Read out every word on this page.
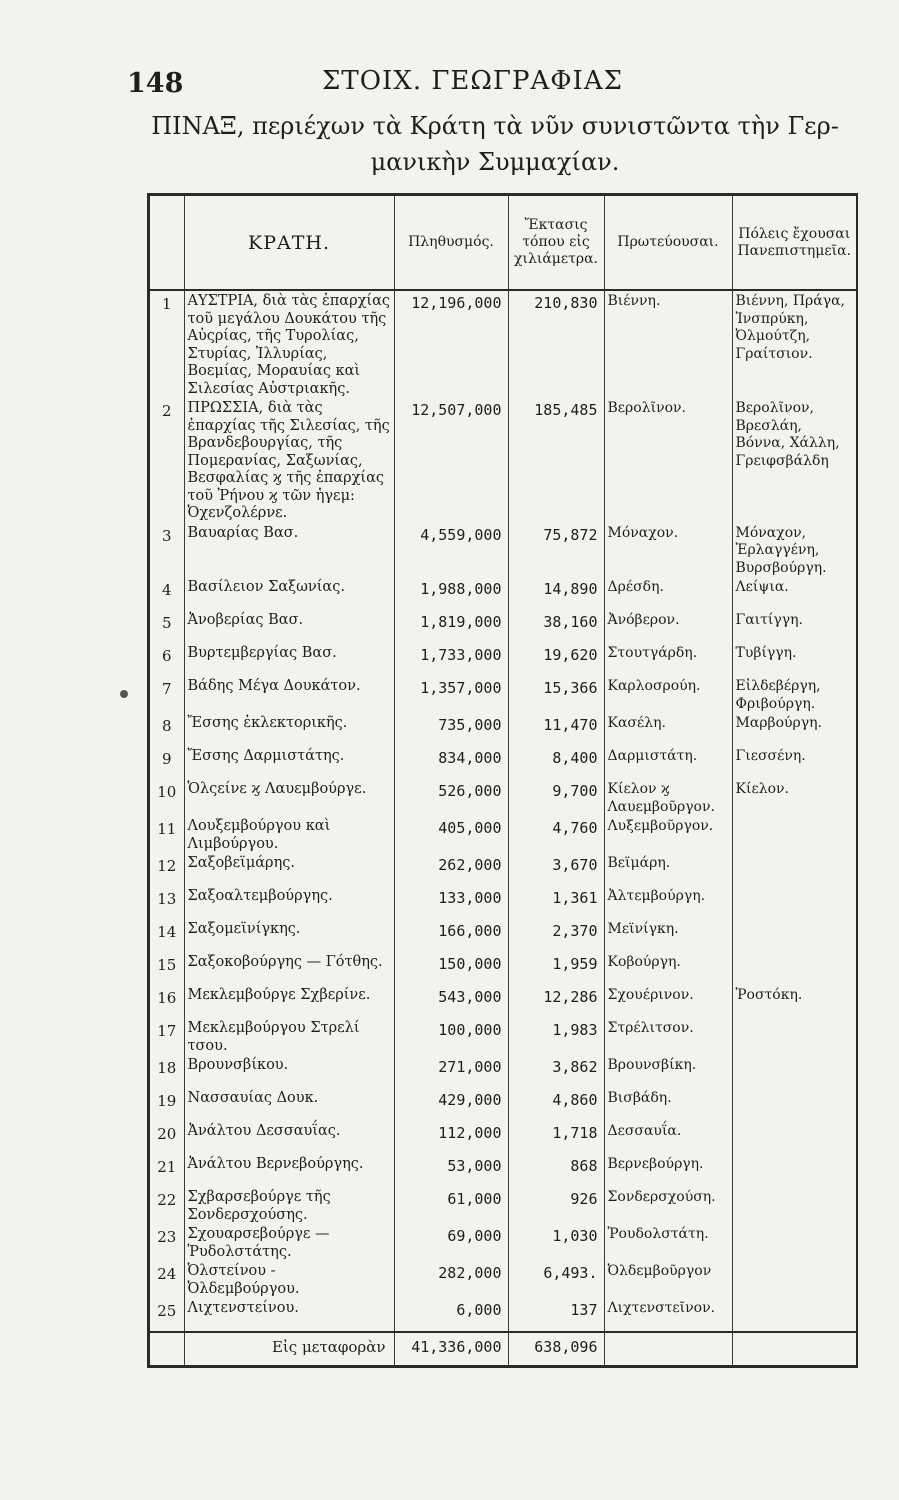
148	ΣΤΟΙΧ. ΓΕΩΓΡΑΦΙΑΣ
ΠΙΝΑΞ, περιέχων τὰ Κράτη τὰ νῦν συνιστῶντα τὴν Γερ-
μανικὴν Συμμαχίαν.
	ΚΡΑΤΗ.	Πληθυσμός.	Ἔκτασις τόπου εἰς χιλιάμετρα.	Πρωτεύουσαι.	Πόλεις ἔχουσαι Πανεπιστημεῖα.
1	ΑΥΣΤΡΙΑ, διὰ τὰς ἐπαρχίας τοῦ μεγάλου Δουκάτου τῆς Αὐςρίας, τῆς Τυρολίας, Στυρίας, Ἰλλυρίας, Βοεμίας, Μοραυίας καὶ Σιλεσίας Αὐστριακῆς.	12,196,000	210,830	Βιέννη.	Βιέννη, Πράγα, Ἰνσπρύκη, Ὀλμούτζη, Γραίτσιον.
2	ΠΡΩΣΣΙΑ, διὰ τὰς ἐπαρχίας τῆς Σιλεσίας, τῆς Βρανδεβουργίας, τῆς Πομερανίας, Σαξωνίας, Βεσφαλίας ϗ τῆς ἐπαρχίας τοῦ Ῥήνου ϗ τῶν ἡγεμ: Ὀχενζολέρνε.	12,507,000	185,485	Βερολῖνον.	Βερολῖνον, Βρεσλάη, Βόννα, Χάλλη, Γρειφσβάλδη
3	Βαυαρίας Βασ.	4,559,000	75,872	Μόναχον.	Μόναχον, Ἐρλαγγένη, Βυρσβούργη.
4	Βασίλειον Σαξωνίας.	1,988,000	14,890	Δρέσδη.	Λείψια.
5	Ἀνοβερίας Βασ.	1,819,000	38,160	Ἀνόβερον.	Γαιτίγγη.
6	Βυρτεμβεργίας Βασ.	1,733,000	19,620	Στουτγάρδη.	Τυβίγγη.
7	Βάδης Μέγα Δουκάτον.	1,357,000	15,366	Καρλοσρούη.	Εἰλδεβέργη, Φριβούργη.
8	Ἔσσης ἐκλεκτορικῆς.	735,000	11,470	Κασέλη.	Μαρβούργη.
9	Ἔσσης Δαρμιστάτης.	834,000	8,400	Δαρμιστάτη.	Γιεσσένη.
10	Ὁλςείνε ϗ Λαυεμβούργε.	526,000	9,700	Κίελον ϗ Λαυεμβοῦργον.	Κίελον.
11	Λουξεμβούργου καὶ Λιμβούργου.	405,000	4,760	Λυξεμβοῦργον.	
12	Σαξοβεϊμάρης.	262,000	3,670	Βεϊμάρη.	
13	Σαξοαλτεμβούργης.	133,000	1,361	Ἀλτεμβούργη.	
14	Σαξομεϊνίγκης.	166,000	2,370	Μεϊνίγκη.	
15	Σαξοκοβούργης — Γότθης.	150,000	1,959	Κοβούργη.	
16	Μεκλεμβούργε Σχβερίνε.	543,000	12,286	Σχουέρινον.	Ῥοστόκη.
17	Μεκλεμβούργου Στρελί τσου.	100,000	1,983	Στρέλιτσον.	
18	Βρουνσβίκου.	271,000	3,862	Βρουνσβίκη.	
19	Νασσαυίας Δουκ.	429,000	4,860	Βισβάδη.	
20	Ἀνάλτου Δεσσαυΐας.	112,000	1,718	Δεσσαυΐα.	
21	Ἀνάλτου Βερνεβούργης.	53,000	868	Βερνεβούργη.	
22	Σχβαρσεβούργε τῆς Σονδερσχούσης.	61,000	926	Σονδερσχούση.	
23	Σχουαρσεβούργε — Ῥυδολστάτης.	69,000	1,030	Ῥουδολστάτη.	
24	Ὀλστείνου - Ὀλδεμβούργου.	282,000	6,493.	Ὀλδεμβοῦργον	
25	Λιχτενστείνου.	6,000	137	Λιχτενστεῖνον.	
	Εἰς μεταφορὰν	41,336,000	638,096		
